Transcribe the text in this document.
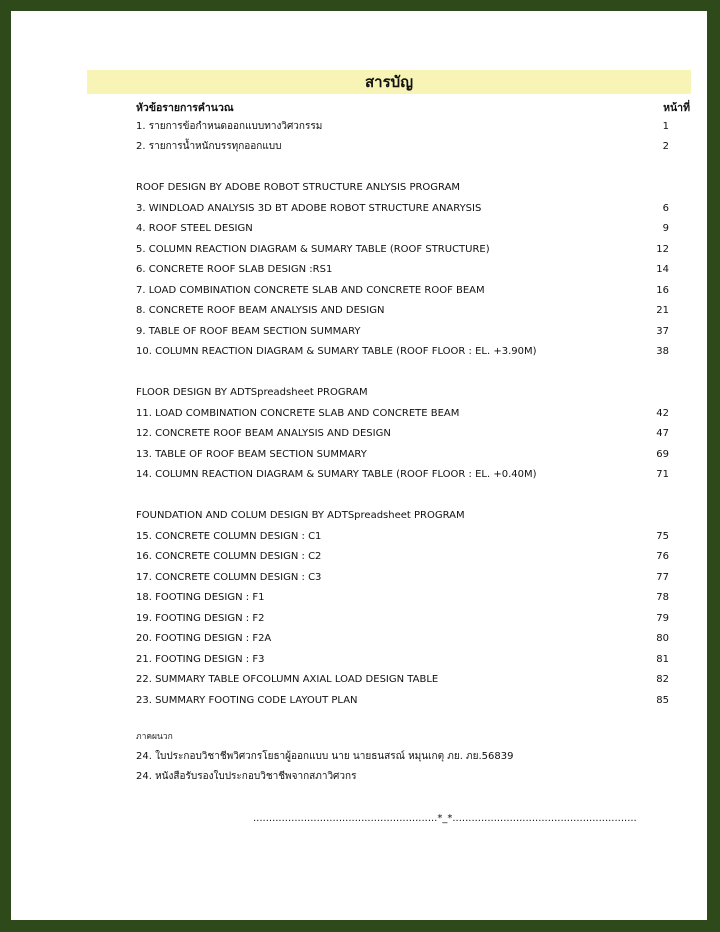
สารบัญ
หัวข้อรายการคำนวณ	หน้าที่
1. รายการข้อกำหนดออกแบบทางวิศวกรรม	1
2. รายการน้ำหนักบรรทุกออกแบบ	2
ROOF DESIGN BY ADOBE ROBOT STRUCTURE ANLYSIS PROGRAM
3. WINDLOAD ANALYSIS 3D BT ADOBE ROBOT STRUCTURE ANARYSIS	6
4. ROOF STEEL DESIGN	9
5. COLUMN REACTION DIAGRAM & SUMARY TABLE (ROOF STRUCTURE)	12
6. CONCRETE ROOF SLAB DESIGN :RS1	14
7. LOAD COMBINATION CONCRETE SLAB AND CONCRETE ROOF BEAM	16
8. CONCRETE ROOF BEAM ANALYSIS AND DESIGN	21
9. TABLE OF ROOF BEAM SECTION SUMMARY	37
10. COLUMN REACTION DIAGRAM & SUMARY TABLE (ROOF FLOOR : EL. +3.90M)	38
FLOOR DESIGN BY ADTSpreadsheet PROGRAM
11. LOAD COMBINATION CONCRETE SLAB AND CONCRETE BEAM	42
12. CONCRETE ROOF BEAM ANALYSIS AND DESIGN	47
13. TABLE OF ROOF BEAM SECTION SUMMARY	69
14. COLUMN REACTION DIAGRAM & SUMARY TABLE (ROOF FLOOR : EL. +0.40M)	71
FOUNDATION AND COLUM DESIGN BY ADTSpreadsheet PROGRAM
15. CONCRETE COLUMN DESIGN : C1	75
16. CONCRETE COLUMN DESIGN : C2	76
17. CONCRETE COLUMN DESIGN : C3	77
18. FOOTING DESIGN : F1	78
19. FOOTING DESIGN : F2	79
20. FOOTING DESIGN : F2A	80
21. FOOTING DESIGN : F3	81
22. SUMMARY TABLE OFCOLUMN AXIAL LOAD DESIGN TABLE	82
23. SUMMARY FOOTING CODE LAYOUT PLAN	85
ภาคผนวก
24. ใบประกอบวิชาชีพวิศวกรโยธาผู้ออกแบบ นาย นายธนสรณ์ หมุนเกตุ ภย. ภย.56839
24. หนังสือรับรองใบประกอบวิชาชีพจากสภาวิศวกร
..........................................................*_*..........................................................
